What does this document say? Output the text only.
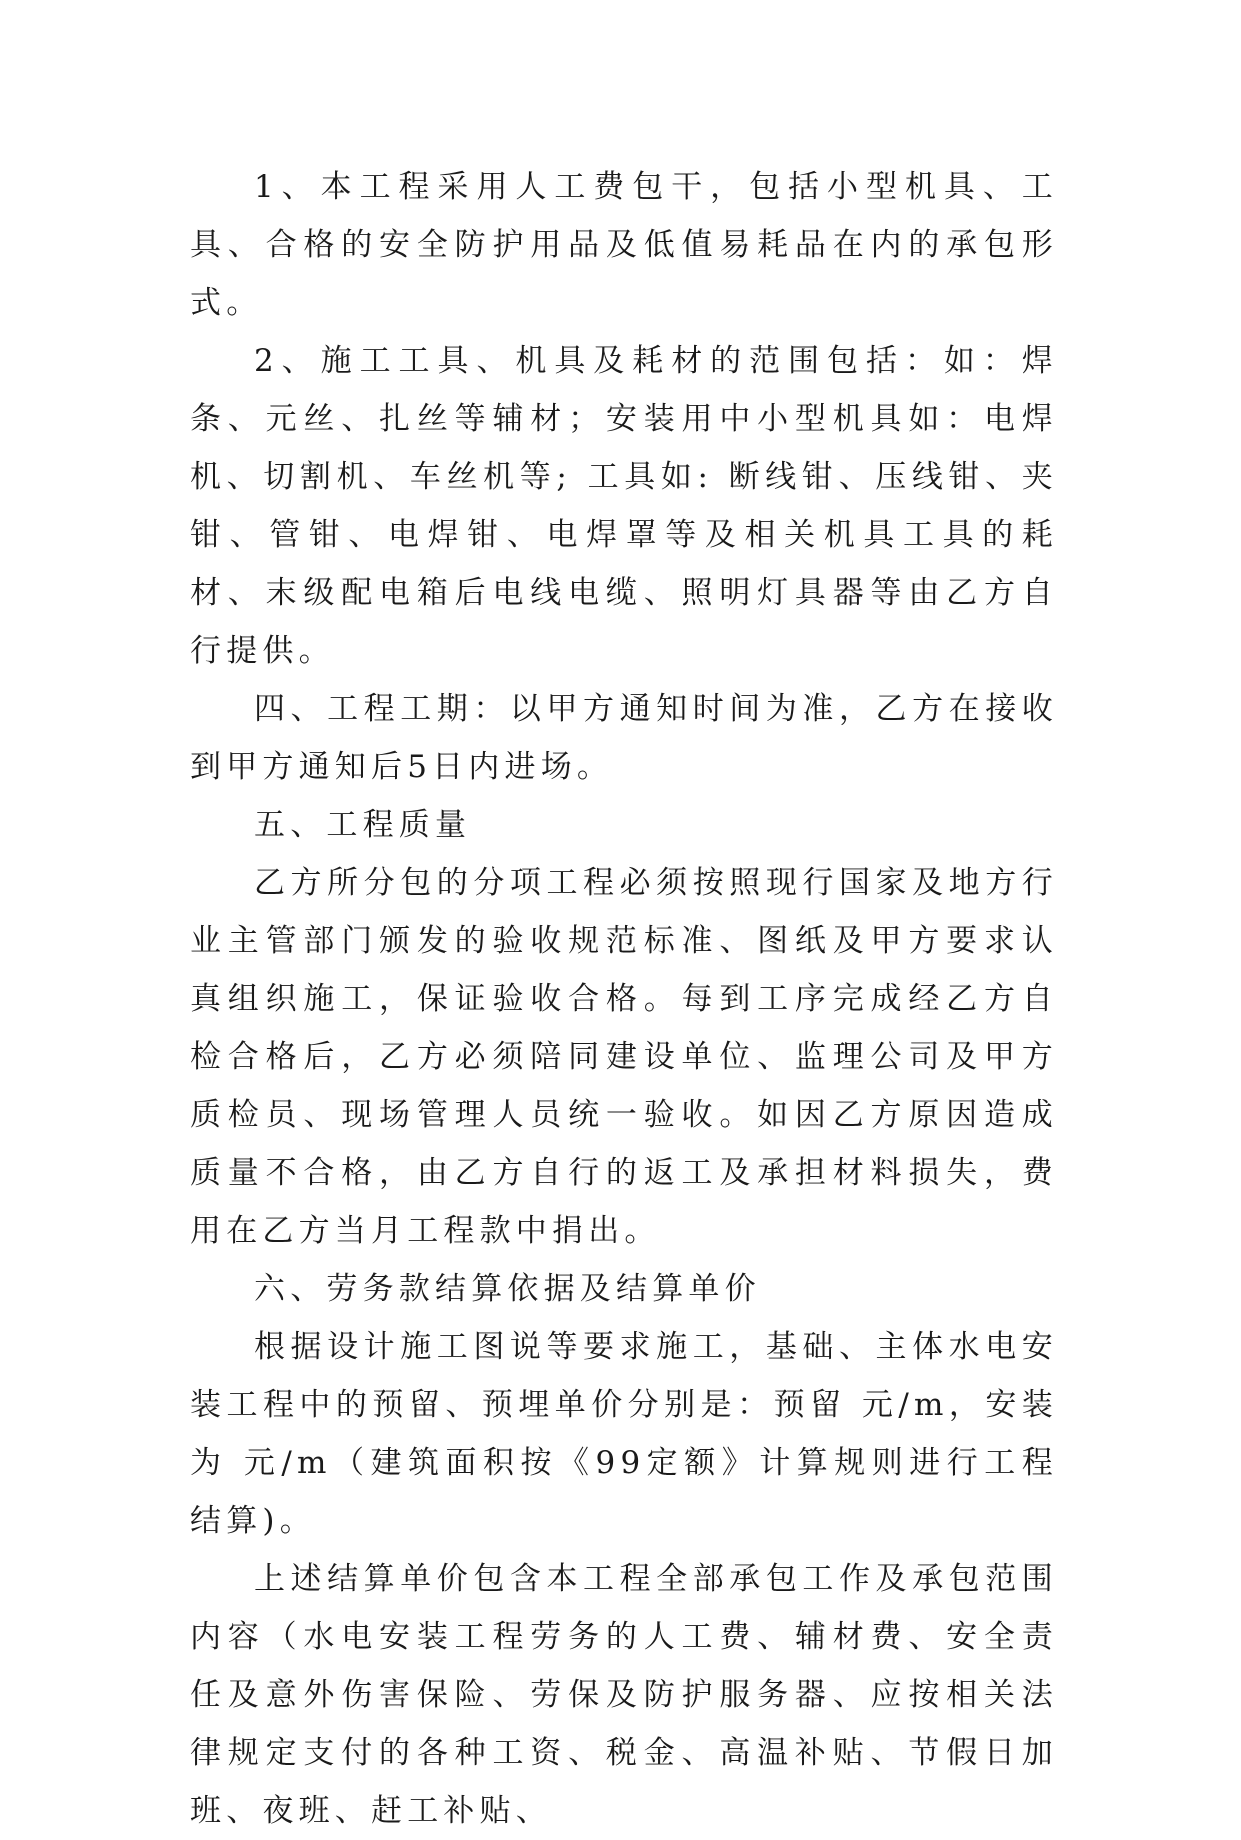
1、本工程采用人工费包干，包括小型机具、工具、合格的安全防护用品及低值易耗品在内的承包形式。

2、施工工具、机具及耗材的范围包括：如：焊条、元丝、扎丝等辅材；安装用中小型机具如：电焊机、切割机、车丝机等; 工具如: 断线钳、压线钳、夹钳、管钳、电焊钳、电焊罩等及相关机具工具的耗材、末级配电箱后电线电缆、照明灯具器等由乙方自行提供。

四、工程工期：以甲方通知时间为准，乙方在接收到甲方通知后5日内进场。

五、工程质量

乙方所分包的分项工程必须按照现行国家及地方行业主管部门颁发的验收规范标准、图纸及甲方要求认真组织施工，保证验收合格。每到工序完成经乙方自检合格后，乙方必须陪同建设单位、监理公司及甲方质检员、现场管理人员统一验收。如因乙方原因造成质量不合格，由乙方自行的返工及承担材料损失，费用在乙方当月工程款中捐出。

六、劳务款结算依据及结算单价

根据设计施工图说等要求施工，基础、主体水电安装工程中的预留、预埋单价分别是：预留 元/m，安装为 元/m（建筑面积按《99定额》计算规则进行工程结算)。

上述结算单价包含本工程全部承包工作及承包范围内容（水电安装工程劳务的人工费、辅材费、安全责任及意外伤害保险、劳保及防护服务器、应按相关法律规定支付的各种工资、税金、高温补贴、节假日加班、夜班、赶工补贴、
